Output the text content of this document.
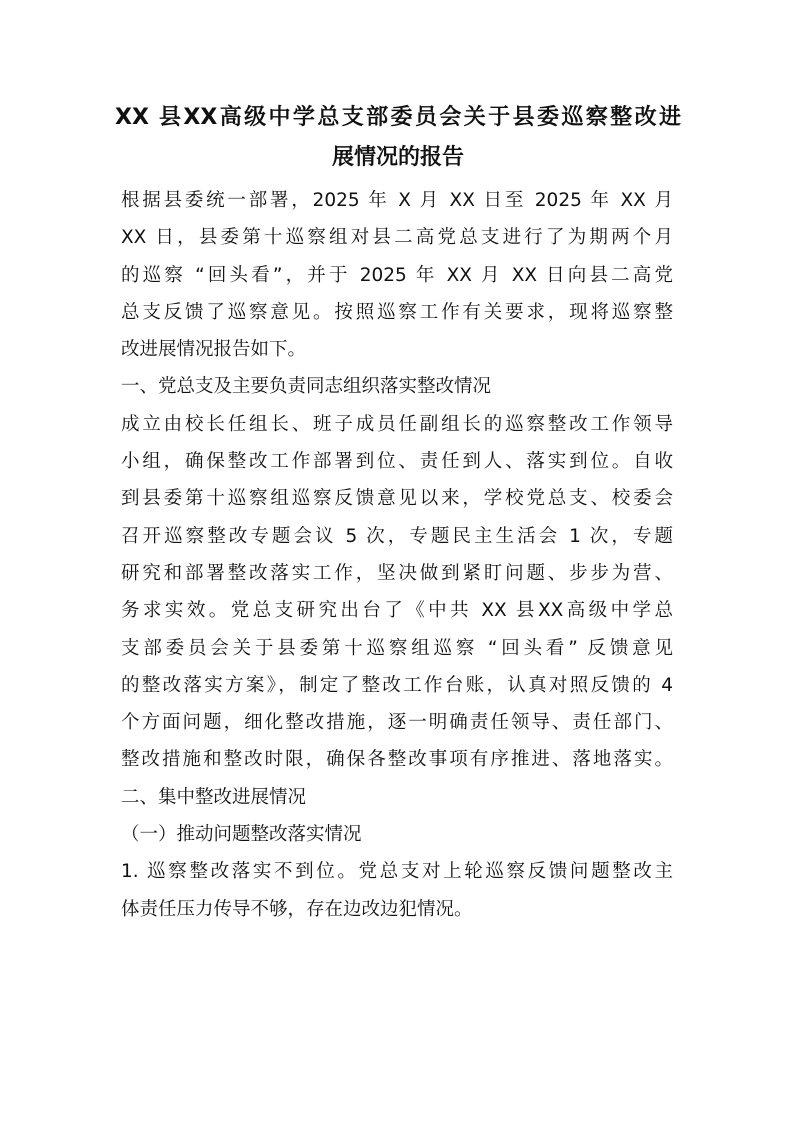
XX 县XX高级中学总支部委员会关于县委巡察整改进
展情况的报告
根据县委统一部署，2025 年 X 月 XX 日至 2025 年 XX 月
XX 日，县委第十巡察组对县二高党总支进行了为期两个月
的巡察 “回头看”，并于 2025 年 XX 月 XX 日向县二高党
总支反馈了巡察意见。按照巡察工作有关要求，现将巡察整
改进展情况报告如下。
一、党总支及主要负责同志组织落实整改情况
成立由校长任组长、班子成员任副组长的巡察整改工作领导
小组，确保整改工作部署到位、责任到人、落实到位。自收
到县委第十巡察组巡察反馈意见以来，学校党总支、校委会
召开巡察整改专题会议 5 次，专题民主生活会 1 次，专题
研究和部署整改落实工作，坚决做到紧盯问题、步步为营、
务求实效。党总支研究出台了《中共 XX 县XX高级中学总
支部委员会关于县委第十巡察组巡察 “回头看” 反馈意见
的整改落实方案》，制定了整改工作台账，认真对照反馈的 4
个方面问题，细化整改措施，逐一明确责任领导、责任部门、
整改措施和整改时限，确保各整改事项有序推进、落地落实。
二、集中整改进展情况
（一）推动问题整改落实情况
1. 巡察整改落实不到位。党总支对上轮巡察反馈问题整改主
体责任压力传导不够，存在边改边犯情况。
